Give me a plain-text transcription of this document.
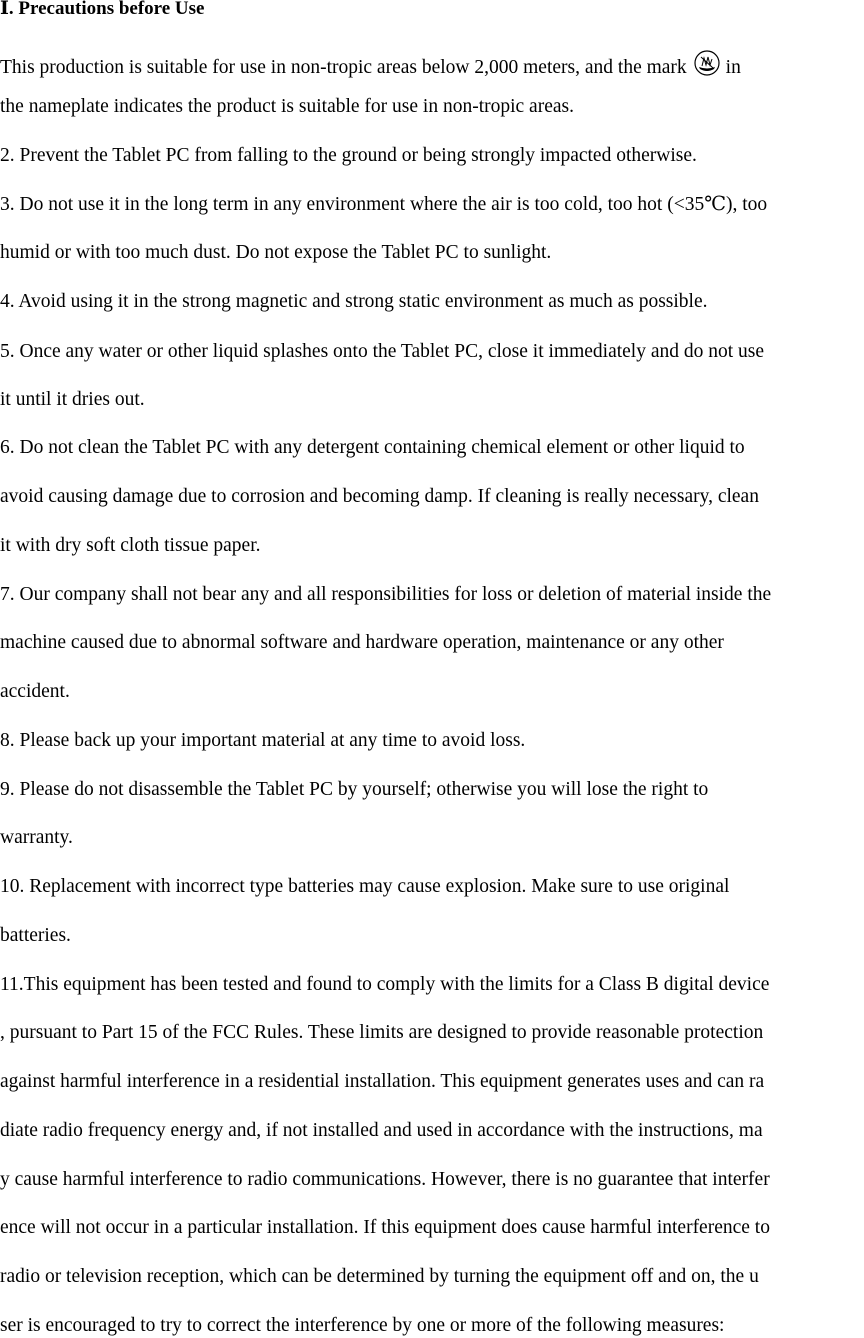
Ⅰ. Precautions before Use
This production is suitable for use in non-tropic areas below 2,000 meters, and the mark in
the nameplate indicates the product is suitable for use in non-tropic areas.
2. Prevent the Tablet PC from falling to the ground or being strongly impacted otherwise.
3. Do not use it in the long term in any environment where the air is too cold, too hot (<35℃), too
humid or with too much dust. Do not expose the Tablet PC to sunlight.
4. Avoid using it in the strong magnetic and strong static environment as much as possible.
5. Once any water or other liquid splashes onto the Tablet PC, close it immediately and do not use
it until it dries out.
6. Do not clean the Tablet PC with any detergent containing chemical element or other liquid to
avoid causing damage due to corrosion and becoming damp. If cleaning is really necessary, clean
it with dry soft cloth tissue paper.
7. Our company shall not bear any and all responsibilities for loss or deletion of material inside the
machine caused due to abnormal software and hardware operation, maintenance or any other
accident.
8. Please back up your important material at any time to avoid loss.
9. Please do not disassemble the Tablet PC by yourself; otherwise you will lose the right to
warranty.
10. Replacement with incorrect type batteries may cause explosion. Make sure to use original
batteries.
11.This equipment has been tested and found to comply with the limits for a Class B digital device
, pursuant to Part 15 of the FCC Rules. These limits are designed to provide reasonable protection
against harmful interference in a residential installation. This equipment generates uses and can ra
diate radio frequency energy and, if not installed and used in accordance with the instructions, ma
y cause harmful interference to radio communications. However, there is no guarantee that interfer
ence will not occur in a particular installation. If this equipment does cause harmful interference to
radio or television reception, which can be determined by turning the equipment off and on, the u
ser is encouraged to try to correct the interference by one or more of the following measures:
